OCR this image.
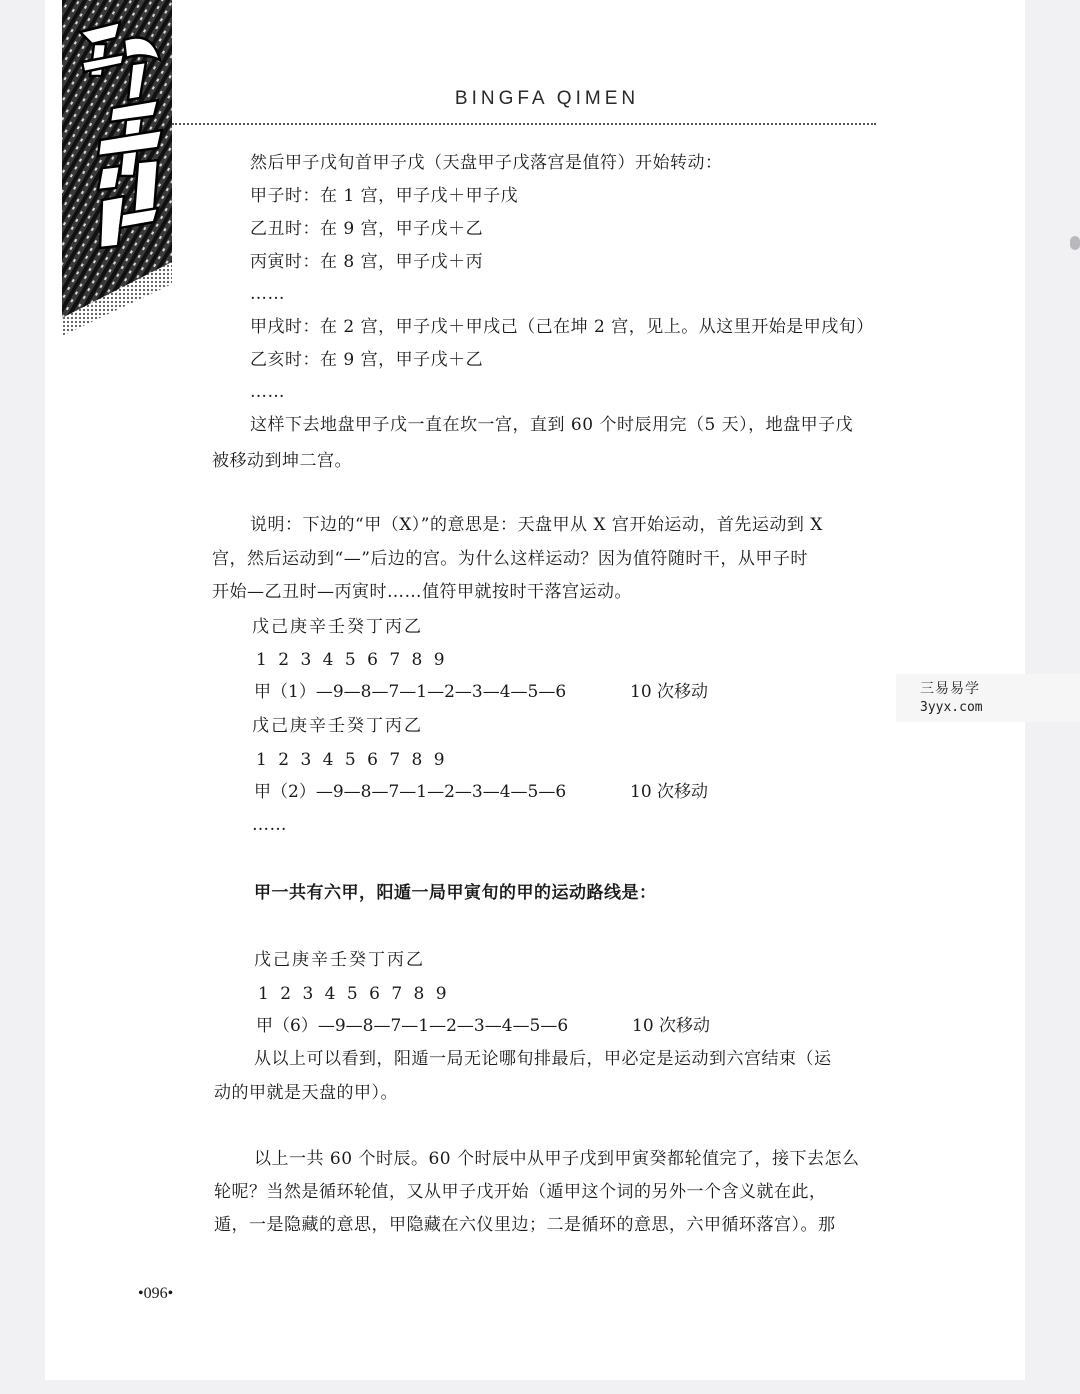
BINGFA QIMEN
然后甲子戊旬首甲子戊（天盘甲子戊落宫是值符）开始转动：
甲子时：在 1 宫，甲子戊＋甲子戊
乙丑时：在 9 宫，甲子戊＋乙
丙寅时：在 8 宫，甲子戊＋丙
……
甲戌时：在 2 宫，甲子戊＋甲戌己（己在坤 2 宫，见上。从这里开始是甲戌旬）
乙亥时：在 9 宫，甲子戊＋乙
……
这样下去地盘甲子戊一直在坎一宫，直到 60 个时辰用完（5 天），地盘甲子戊
被移动到坤二宫。
说明：下边的“甲（X）”的意思是：天盘甲从 X 宫开始运动，首先运动到 X
宫，然后运动到“—”后边的宫。为什么这样运动？因为值符随时干，从甲子时
开始—乙丑时—丙寅时……值符甲就按时干落宫运动。
戊己庚辛壬癸丁丙乙
1 2 3 4 5 6 7 8 9
甲（1）—9—8—7—1—2—3—4—5—6	10 次移动
戊己庚辛壬癸丁丙乙
1 2 3 4 5 6 7 8 9
甲（2）—9—8—7—1—2—3—4—5—6	10 次移动
……
甲一共有六甲，阳遁一局甲寅旬的甲的运动路线是：
戊己庚辛壬癸丁丙乙
1 2 3 4 5 6 7 8 9
甲（6）—9—8—7—1—2—3—4—5—6	10 次移动
从以上可以看到，阳遁一局无论哪旬排最后，甲必定是运动到六宫结束（运
动的甲就是天盘的甲）。
以上一共 60 个时辰。60 个时辰中从甲子戊到甲寅癸都轮值完了，接下去怎么
轮呢？当然是循环轮值，又从甲子戊开始（遁甲这个词的另外一个含义就在此，
遁，一是隐藏的意思，甲隐藏在六仪里边；二是循环的意思，六甲循环落宫）。那
三易易学
3yyx.com
•096•
